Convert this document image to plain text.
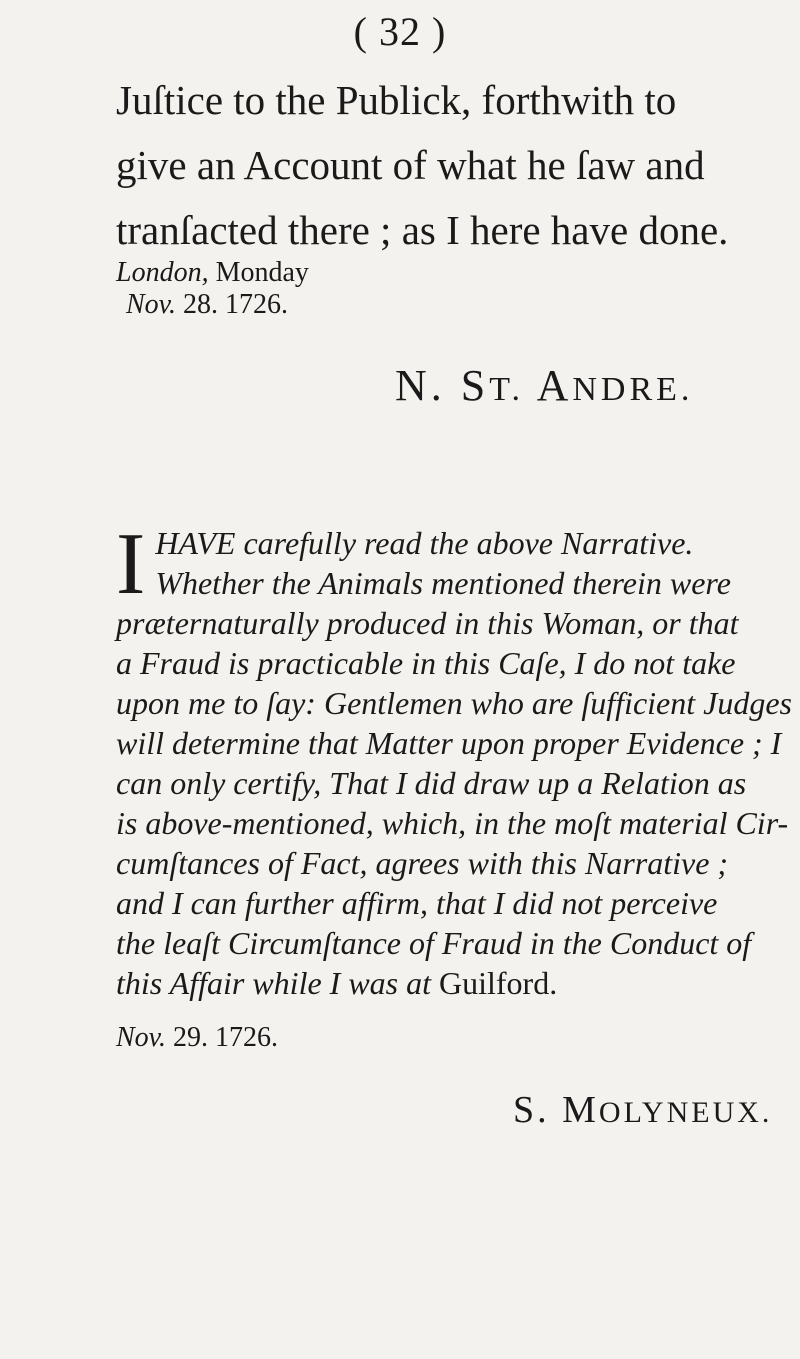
( 32 )
Juſtice to the Publick, forthwith to
give an Account of what he ſaw and
tranſacted there ; as I here have done.
London, Monday
Nov. 28. 1726.
N. ST. ANDRE.
I HAVE carefully read the above Narrative.
Whether the Animals mentioned therein were
præternaturally produced in this Woman, or that
a Fraud is practicable in this Caſe, I do not take
upon me to ſay: Gentlemen who are ſufficient Judges
will determine that Matter upon proper Evidence ; I
can only certify, That I did draw up a Relation as
is above-mentioned, which, in the moſt material Cir-
cumſtances of Fact, agrees with this Narrative ;
and I can further affirm, that I did not perceive
the leaſt Circumſtance of Fraud in the Conduct of
this Affair while I was at Guilford.
Nov. 29. 1726.
S. MOLYNEUX.
